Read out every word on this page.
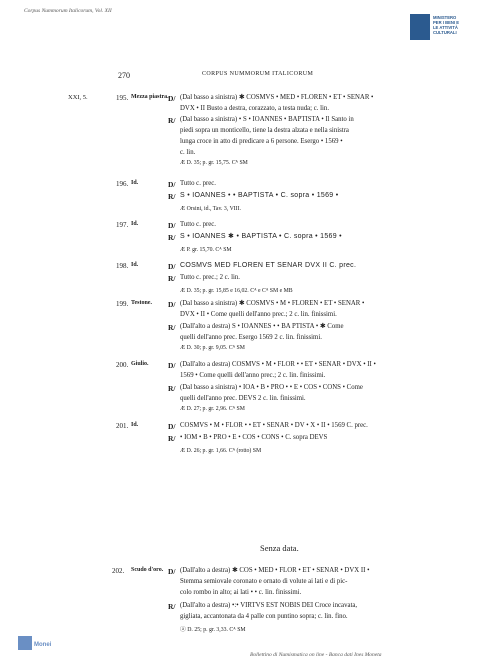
Corpus Nummorum Italicorum, Vol. XII
MINISTERO
PER I BENI E
LE ATTIVITÀ
CULTURALI
270	CORPUS NUMMORUM ITALICORUM
XXI, 5.	195. Mezza piastra. D/ (Dal basso a sinistra) ✱ COSMVS • MED • FLOREN • ET • SENAR •
DVX • II Busto a destra, corazzato, a testa nuda; c. lin.
R/ (Dal basso a sinistra) • S • IOANNES • BAPTISTA • Il Santo in
piedi sopra un monticello, tiene la destra alzata e nella sinistra
lunga croce in atto di predicare a 6 persone. Esergo • 1569 •
c. lin.
Æ D. 35; p. gr. 15,75. Cᴬ SM
196. Id.	D/ Tutto c. prec.
R/ S • IOANNES • • BAPTISTA • C. sopra • 1569 •
Æ Orsini, id., Tav. 3, VIII.
197. Id.	D/ Tutto c. prec.
R/ S • IOANNES ✱ • BAPTISTA • C. sopra • 1569 •
Æ P. gr. 15,70. Cᴬ SM
198. Id.	D/ COSMVS MED FLOREN ET SENAR DVX II C. prec.
R/ Tutto c. prec.; 2 c. lin.
Æ D. 35; p. gr. 15,85 e 16,02. Cᴬ e Cᴬ SM e MB
199. Testone. D/ (Dal basso a sinistra) ✱ COSMVS • M • FLOREN • ET • SENAR •
DVX • II • Come quelli dell'anno prec.; 2 c. lin. finissimi.
R/ (Dall'alto a destra) S • IOANNES • • BA PTISTA • ✱ Come
quelli dell'anno prec. Esergo 1569 2 c. lin. finissimi.
Æ D. 30; p. gr. 9,05. Cᴬ SM
200. Giulio.	D/ (Dall'alto a destra) COSMVS • M • FLOR • • ET • SENAR • DVX • II •
1569 • Come quelli dell'anno prec.; 2 c. lin. finissimi.
R/ (Dal basso a sinistra) • IOA • B • PRO • • E • COS • CONS • Come
quelli dell'anno prec. DEVS 2 c. lin. finissimi.
Æ D. 27; p. gr. 2,96. Cᴬ SM
201. Id.	D/ COSMVS • M • FLOR • • ET • SENAR • DV • X • II • 1569 C. prec.
R/ • IOM • B • PRO • E • COS • CONS • C. sopra DEVS
Æ D. 26; p. gr. 1,66. Cᴬ (rotto) SM
Senza data.
202. Scudo d'oro. D/ (Dall'alto a destra) ✱ COS • MED • FLOR • ET • SENAR • DVX II •
Stemma semiovale coronato e ornato di volute ai lati e di pic-
colo rombo in alto; ai lati • • c. lin. finissimi.
R/ (Dall'alto a destra) •:• VIRTVS EST NOBIS DEI Croce incavata,
gigliata, accantonata da 4 palle con puntino sopra; c. lin. fino.
ⓐ D. 25; p. gr. 3,33. Cᴬ SM
Monei
Bollettino di Numismatica on line - Banca dati Ines Moneta
